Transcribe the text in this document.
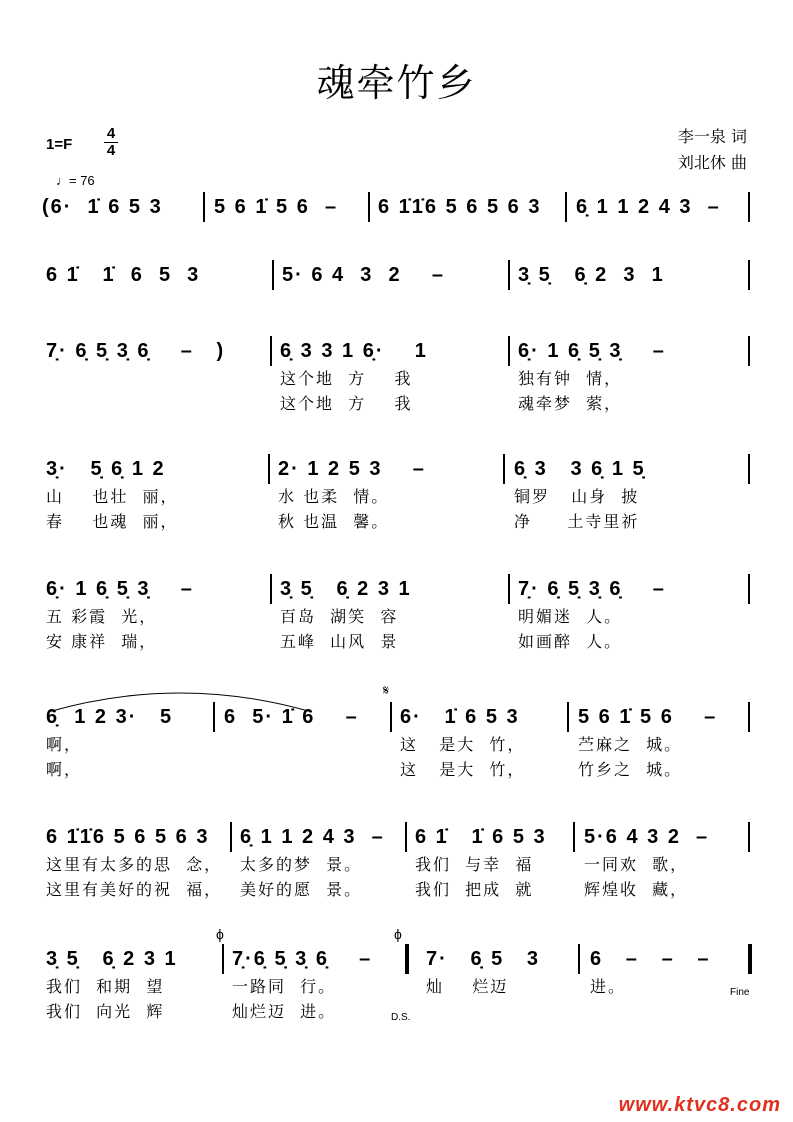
魂牵竹乡
1=F
4
4
♩= 76
李一泉 词
刘北休 曲
(6·  1̇ 6 5 3	5 6 1̇ 5 6  – 6 1̇1̇6 5 6 5 6 3 6̣ 1 1 2 4 3  –
6 1̇   1̇  6  5  3	5· 6 4  3  2    –	3̣ 5̣   6̣ 2  3  1
7̣· 6̣ 5̣ 3̣ 6̣    –   )	6̣ 3 3 1 6̣·    1
这个地  方    我
这个地  方    我
6̣· 1 6̣ 5̣ 3̣    –
独有钟  情，
魂牵梦  萦，
3̣·   5̣ 6̣ 1 2
山    也壮  丽，
春    也魂  丽，
2· 1 2 5 3    –
水 也柔  情。
秋 也温  馨。
6̣ 3   3 6̣ 1 5̣
铜罗   山身  披
净     土寺里祈
6̣· 1 6̣ 5̣ 3̣    –
五 彩霞  光，
安 康祥  瑞，
3̣ 5̣   6̣ 2 3 1
百岛  湖笑  容
五峰  山风  景
7̣· 6̣ 5̣ 3̣ 6̣    –
明媚迷  人。
如画醉  人。
6̣  1 2 3·   5
啊，
啊，
6  5· 1̇ 6    – 6·   1̇ 6 5 3
这   是大  竹，
这   是大  竹，
5 6 1̇ 5 6    –
苎麻之  城。
竹乡之  城。
6 1̇1̇6 5 6 5 6 3
这里有太多的思  念，
这里有美好的祝  福，
6̣ 1 1 2 4 3  –
太多的梦  景。
美好的愿  景。
6 1̇   1̇ 6 5 3
我们  与幸  福
我们  把成  就
5·6 4 3 2  –
一同欢  歌，
辉煌收  藏，
3̣ 5̣   6̣ 2 3 1
我们  和期  望
我们  向光  辉
7̣·6̣ 5̣ 3̣ 6̣    –
一路同  行。
灿烂迈  进。
7·   6̣ 5   3
灿    烂迈
6   –   –   –
进。
𝄋
ϕ	ϕ
D.S.
Fine
www.ktvc8.com
